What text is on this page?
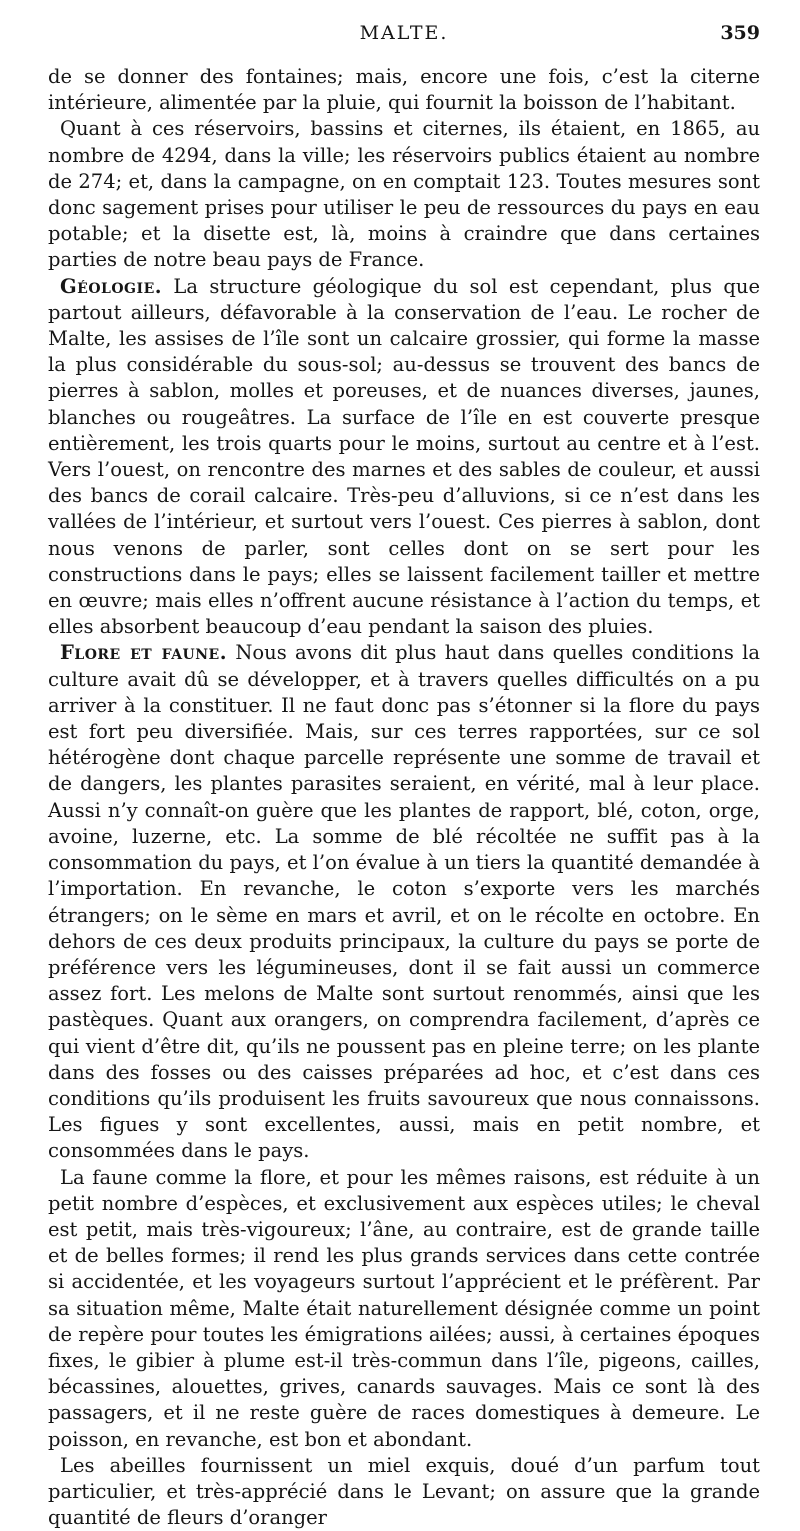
MALTE.	359

de se donner des fontaines; mais, encore une fois, c’est la citerne intérieure, alimentée par la pluie, qui fournit la boisson de l’habitant.

Quant à ces réservoirs, bassins et citernes, ils étaient, en 1865, au nombre de 4294, dans la ville; les réservoirs publics étaient au nombre de 274; et, dans la campagne, on en comptait 123. Toutes mesures sont donc sagement prises pour utiliser le peu de ressources du pays en eau potable; et la disette est, là, moins à craindre que dans certaines parties de notre beau pays de France.

Géologie. La structure géologique du sol est cependant, plus que partout ailleurs, défavorable à la conservation de l’eau. Le rocher de Malte, les assises de l’île sont un calcaire grossier, qui forme la masse la plus considérable du sous-sol; au-dessus se trouvent des bancs de pierres à sablon, molles et poreuses, et de nuances diverses, jaunes, blanches ou rougeâtres. La surface de l’île en est couverte presque entièrement, les trois quarts pour le moins, surtout au centre et à l’est. Vers l’ouest, on rencontre des marnes et des sables de couleur, et aussi des bancs de corail calcaire. Très-peu d’alluvions, si ce n’est dans les vallées de l’intérieur, et surtout vers l’ouest. Ces pierres à sablon, dont nous venons de parler, sont celles dont on se sert pour les constructions dans le pays; elles se laissent facilement tailler et mettre en œuvre; mais elles n’offrent aucune résistance à l’action du temps, et elles absorbent beaucoup d’eau pendant la saison des pluies.

Flore et faune. Nous avons dit plus haut dans quelles conditions la culture avait dû se développer, et à travers quelles difficultés on a pu arriver à la constituer. Il ne faut donc pas s’étonner si la flore du pays est fort peu diversifiée. Mais, sur ces terres rapportées, sur ce sol hétérogène dont chaque parcelle représente une somme de travail et de dangers, les plantes parasites seraient, en vérité, mal à leur place. Aussi n’y connaît-on guère que les plantes de rapport, blé, coton, orge, avoine, luzerne, etc. La somme de blé récoltée ne suffit pas à la consommation du pays, et l’on évalue à un tiers la quantité demandée à l’importation. En revanche, le coton s’exporte vers les marchés étrangers; on le sème en mars et avril, et on le récolte en octobre. En dehors de ces deux produits principaux, la culture du pays se porte de préférence vers les légumineuses, dont il se fait aussi un commerce assez fort. Les melons de Malte sont surtout renommés, ainsi que les pastèques. Quant aux orangers, on comprendra facilement, d’après ce qui vient d’être dit, qu’ils ne poussent pas en pleine terre; on les plante dans des fosses ou des caisses préparées ad hoc, et c’est dans ces conditions qu’ils produisent les fruits savoureux que nous connaissons. Les figues y sont excellentes, aussi, mais en petit nombre, et consommées dans le pays.

La faune comme la flore, et pour les mêmes raisons, est réduite à un petit nombre d’espèces, et exclusivement aux espèces utiles; le cheval est petit, mais très-vigoureux; l’âne, au contraire, est de grande taille et de belles formes; il rend les plus grands services dans cette contrée si accidentée, et les voyageurs surtout l’apprécient et le préfèrent. Par sa situation même, Malte était naturellement désignée comme un point de repère pour toutes les émigrations ailées; aussi, à certaines époques fixes, le gibier à plume est-il très-commun dans l’île, pigeons, cailles, bécassines, alouettes, grives, canards sauvages. Mais ce sont là des passagers, et il ne reste guère de races domestiques à demeure. Le poisson, en revanche, est bon et abondant.

Les abeilles fournissent un miel exquis, doué d’un parfum tout particulier, et très-apprécié dans le Levant; on assure que la grande quantité de fleurs d’oranger
